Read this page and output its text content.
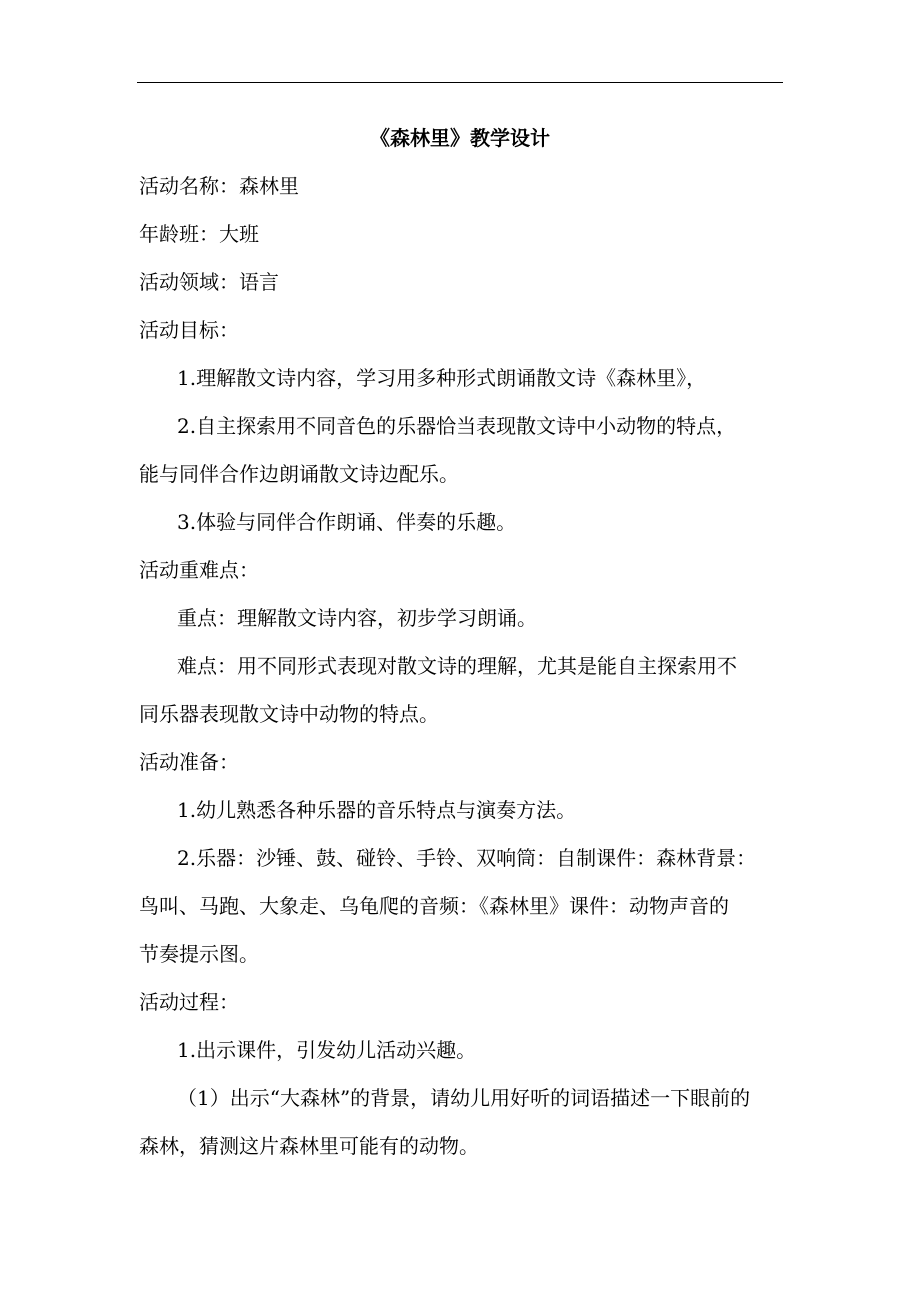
《森林里》教学设计
活动名称：森林里
年龄班：大班
活动领域：语言
活动目标：
1.理解散文诗内容，学习用多种形式朗诵散文诗《森林里》，
2.自主探索用不同音色的乐器恰当表现散文诗中小动物的特点，
能与同伴合作边朗诵散文诗边配乐。
3.体验与同伴合作朗诵、伴奏的乐趣。
活动重难点：
重点：理解散文诗内容，初步学习朗诵。
难点：用不同形式表现对散文诗的理解，尤其是能自主探索用不
同乐器表现散文诗中动物的特点。
活动准备：
1.幼儿熟悉各种乐器的音乐特点与演奏方法。
2.乐器：沙锤、鼓、碰铃、手铃、双响筒：自制课件：森林背景：
鸟叫、马跑、大象走、乌龟爬的音频：《森林里》课件：动物声音的
节奏提示图。
活动过程：
1.出示课件，引发幼儿活动兴趣。
（1）出示“大森林”的背景，请幼儿用好听的词语描述一下眼前的
森林，猜测这片森林里可能有的动物。
